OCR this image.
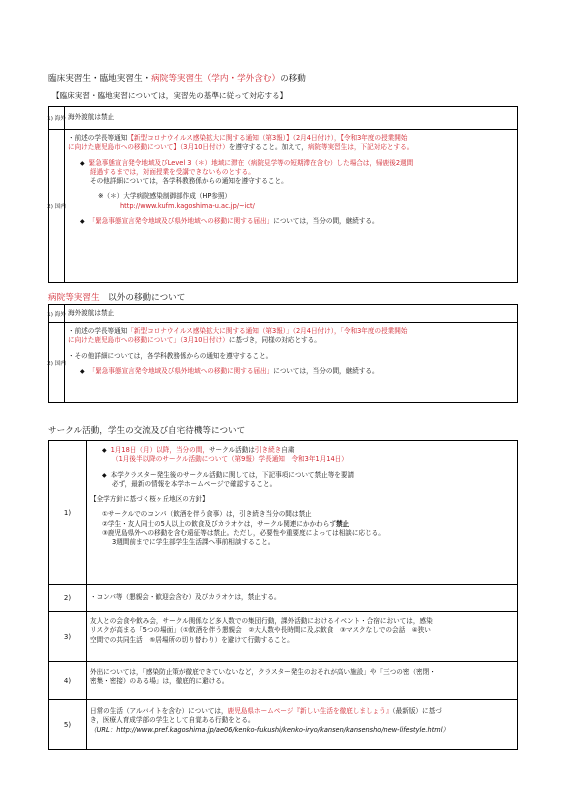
臨床実習生・臨地実習生・病院等実習生（学内・学外含む）の移動
【臨床実習・臨地実習については，実習先の基準に従って対応する】
1) 海外 海外渡航は禁止
2) 国内
・前述の学長等通知【新型コロナウイルス感染拡大に関する通知（第3報）】（2月4日付け），【令和3年度の授業開始
に向けた鹿児島市への移動について】（3月10日付け）を遵守すること。加えて，病院等実習生は，下記対応とする。
◆ 緊急事態宣言発令地域及びLevel 3（＊）地域に滞在（病院見学等の短期滞在含む）した場合は，帰鹿後2週間
経過するまでは，対面授業を受講できないものとする。
その他詳細については，各学科教務係からの通知を遵守すること。
※（＊）大学病院感染制御部作成（HP参照）
http://www.kufm.kagoshima-u.ac.jp/~ict/
◆ 「緊急事態宣言発令地域及び県外地域への移動に関する届出」については，当分の間，継続する。
病院等実習生　以外の移動について
1) 海外 海外渡航は禁止
2) 国内
・前述の学長等通知「新型コロナウイルス感染拡大に関する通知（第3報）」（2月4日付け），「令和3年度の授業開始
に向けた鹿児島市への移動について」（3月10日付け）に基づき，同様の対応とする。
・その他詳細については，各学科教務係からの通知を遵守すること。
◆ 「緊急事態宣言発令地域及び県外地域への移動に関する届出」については，当分の間，継続する。
サークル活動，学生の交流及び自宅待機等について
1)
◆ 1月18日（月）以降，当分の間，サークル活動は引き続き自粛
（1月後半以降のサークル活動について（第9報）学長通知　令和3年1月14日）
◆ 本学クラスター発生後のサークル活動に関しては，下記事項について禁止等を要請
必ず，最新の情報を本学ホームページで確認すること。
【全学方針に基づく桜ヶ丘地区の方針】
①サークルでのコンパ（飲酒を伴う食事）は，引き続き当分の間は禁止
②学生・友人同士の5人以上の飲食及びカラオケは，サークル関連にかかわらず禁止
③鹿児島県外への移動を含む遠征等は禁止。ただし，必要性や重要度によっては相談に応じる。
3週間前までに学生部学生生活課へ事前相談すること。
2)	・コンパ等（懇親会・歓迎会含む）及びカラオケは，禁止する。
3)
友人との会食や飲み会，サークル関係など多人数での集団行動，課外活動におけるイベント・合宿においては，感染
リスクが高まる「5つの場面」（①飲酒を伴う懇親会　②大人数や長時間に及ぶ飲食　③マスクなしでの会話　④狭い
空間での共同生活　⑤居場所の切り替わり）を避けて行動すること。
4)
外出については，「感染防止策が徹底できていないなど，クラスター発生のおそれが高い施設」や「三つの密（密閉・
密集・密接）のある場」は，徹底的に避ける。
5)
日常の生活（アルバイトを含む）については，鹿児島県ホームページ『新しい生活を徹底しましょう』（最新版）に基づ
き，医療人育成学部の学生として自覚ある行動をとる。
（URL：http://www.pref.kagoshima.jp/ae06/kenko-fukushi/kenko-iryo/kansen/kansensho/new-lifestyle.html）
